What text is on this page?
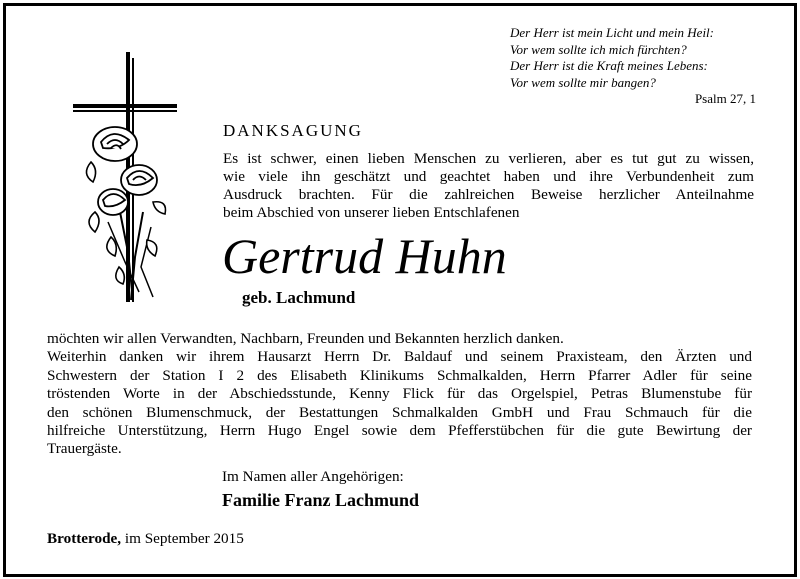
Der Herr ist mein Licht und mein Heil:
Vor wem sollte ich mich fürchten?
Der Herr ist die Kraft meines Lebens:
Vor wem sollte mir bangen?
Psalm 27, 1
DANKSAGUNG
Es ist schwer, einen lieben Menschen zu verlieren, aber es tut gut zu wissen,
wie viele ihn geschätzt und geachtet haben und ihre Verbundenheit zum
Ausdruck brachten. Für die zahlreichen Beweise herzlicher Anteilnahme
beim Abschied von unserer lieben Entschlafenen
Gertrud Huhn
geb. Lachmund
möchten wir allen Verwandten, Nachbarn, Freunden und Bekannten herzlich danken.
Weiterhin danken wir ihrem Hausarzt Herrn Dr. Baldauf und seinem Praxisteam, den Ärzten und
Schwestern der Station I 2 des Elisabeth Klinikums Schmalkalden, Herrn Pfarrer Adler für seine
tröstenden Worte in der Abschiedsstunde, Kenny Flick für das Orgelspiel, Petras Blumenstube für
den schönen Blumenschmuck, der Bestattungen Schmalkalden GmbH und Frau Schmauch für die
hilfreiche Unterstützung, Herrn Hugo Engel sowie dem Pfefferstübchen für die gute Bewirtung der
Trauergäste.
Im Namen aller Angehörigen:
Familie Franz Lachmund
Brotterode, im September 2015
